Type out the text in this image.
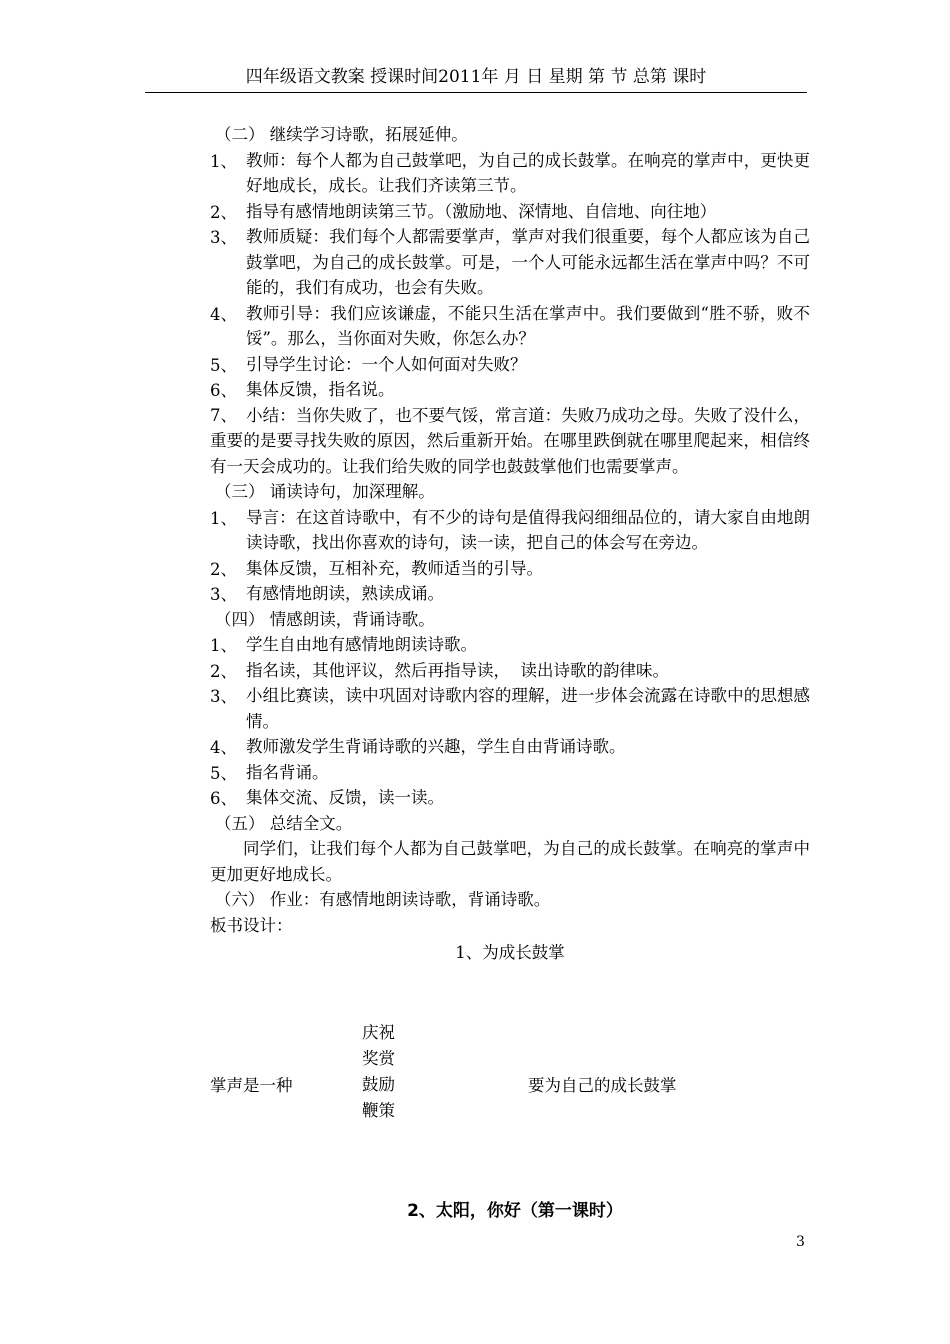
四年级语文教案 授课时间2011年 月 日 星期 第 节 总第 课时
（二） 继续学习诗歌，拓展延伸。
1、 教师：每个人都为自己鼓掌吧，为自己的成长鼓掌。在响亮的掌声中，更快更好地成长，成长。让我们齐读第三节。
2、 指导有感情地朗读第三节。（激励地、深情地、自信地、向往地）
3、 教师质疑：我们每个人都需要掌声，掌声对我们很重要，每个人都应该为自己鼓掌吧，为自己的成长鼓掌。可是，一个人可能永远都生活在掌声中吗？不可能的，我们有成功，也会有失败。
4、 教师引导：我们应该谦虚，不能只生活在掌声中。我们要做到“胜不骄，败不馁”。那么，当你面对失败，你怎么办？
5、 引导学生讨论：一个人如何面对失败？
6、 集体反馈，指名说。
7、 小结：当你失败了，也不要气馁，常言道：失败乃成功之母。失败了没什么，重要的是要寻找失败的原因，然后重新开始。在哪里跌倒就在哪里爬起来，相信终有一天会成功的。让我们给失败的同学也鼓鼓掌他们也需要掌声。
（三） 诵读诗句，加深理解。
1、 导言：在这首诗歌中，有不少的诗句是值得我闷细细品位的，请大家自由地朗读诗歌，找出你喜欢的诗句，读一读，把自己的体会写在旁边。
2、 集体反馈，互相补充，教师适当的引导。
3、 有感情地朗读，熟读成诵。
（四） 情感朗读，背诵诗歌。
1、 学生自由地有感情地朗读诗歌。
2、 指名读，其他评议，然后再指导读，  读出诗歌的韵律味。
3、 小组比赛读，读中巩固对诗歌内容的理解，进一步体会流露在诗歌中的思想感情。
4、 教师激发学生背诵诗歌的兴趣，学生自由背诵诗歌。
5、 指名背诵。
6、 集体交流、反馈，读一读。
（五） 总结全文。
同学们，让我们每个人都为自己鼓掌吧，为自己的成长鼓掌。在响亮的掌声中更加更好地成长。
（六） 作业：有感情地朗读诗歌，背诵诗歌。
板书设计：
1、为成长鼓掌
掌声是一种
庆祝
奖赏
鼓励
鞭策
要为自己的成长鼓掌
2、太阳，你好（第一课时）
3
